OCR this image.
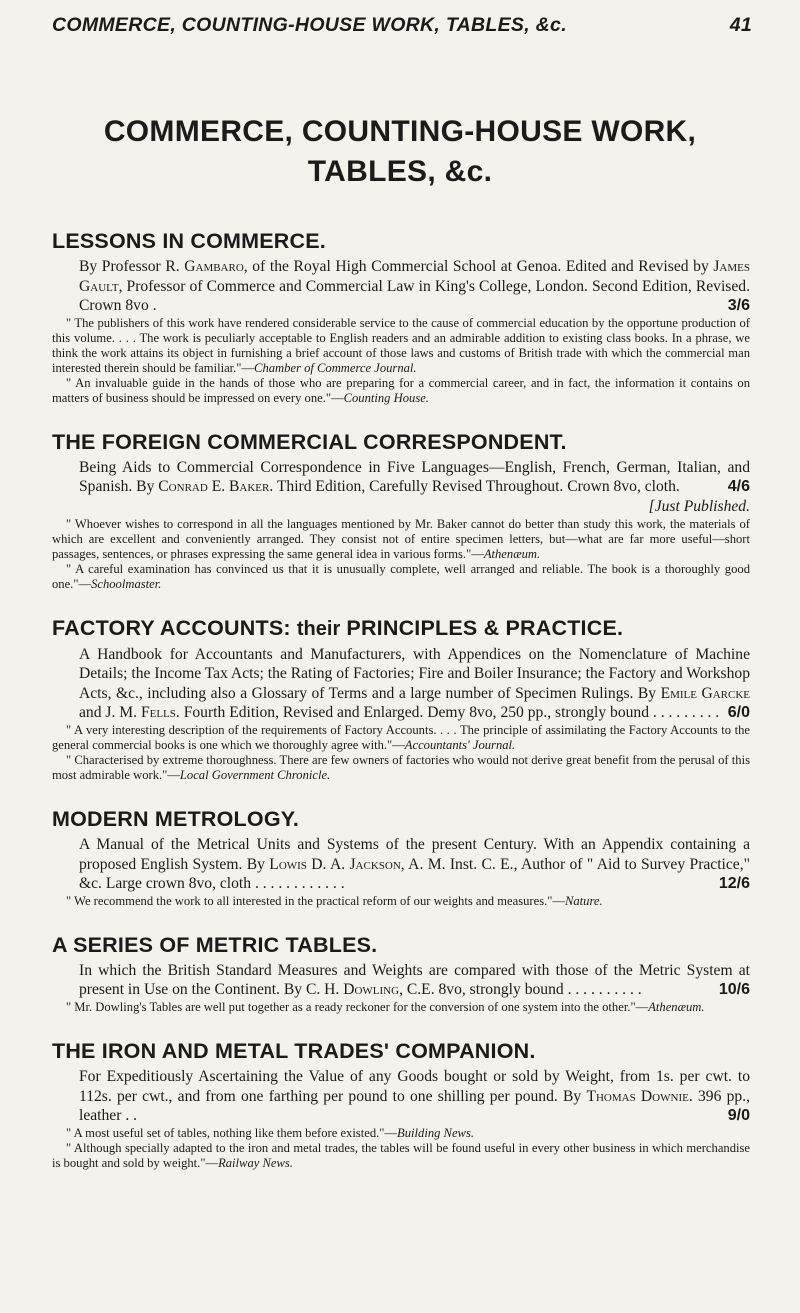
COMMERCE, COUNTING-HOUSE WORK, TABLES, &c.	41
COMMERCE, COUNTING-HOUSE WORK,
TABLES, &c.
LESSONS IN COMMERCE.
By Professor R. Gambaro, of the Royal High Commercial School at Genoa. Edited and Revised by James Gault, Professor of Commerce and Commercial Law in King's College, London. Second Edition, Revised. Crown 8vo .	3/6

" The publishers of this work have rendered considerable service to the cause of commercial education by the opportune production of this volume. . . . The work is peculiarly acceptable to English readers and an admirable addition to existing class books. In a phrase, we think the work attains its object in furnishing a brief account of those laws and customs of British trade with which the commercial man interested therein should be familiar."—Chamber of Commerce Journal.

" An invaluable guide in the hands of those who are preparing for a commercial career, and in fact, the information it contains on matters of business should be impressed on every one."—Counting House.

THE FOREIGN COMMERCIAL CORRESPONDENT.
Being Aids to Commercial Correspondence in Five Languages—English, French, German, Italian, and Spanish. By Conrad E. Baker. Third Edition, Carefully Revised Throughout. Crown 8vo, cloth.	4/6
[Just Published.

" Whoever wishes to correspond in all the languages mentioned by Mr. Baker cannot do better than study this work, the materials of which are excellent and conveniently arranged. They consist not of entire specimen letters, but—what are far more useful—short passages, sentences, or phrases expressing the same general idea in various forms."—Athenæum.

" A careful examination has convinced us that it is unusually complete, well arranged and reliable. The book is a thoroughly good one."—Schoolmaster.

FACTORY ACCOUNTS: their PRINCIPLES & PRACTICE.
A Handbook for Accountants and Manufacturers, with Appendices on the Nomenclature of Machine Details; the Income Tax Acts; the Rating of Factories; Fire and Boiler Insurance; the Factory and Workshop Acts, &c., including also a Glossary of Terms and a large number of Specimen Rulings. By Emile Garcke and J. M. Fells. Fourth Edition, Revised and Enlarged. Demy 8vo, 250 pp., strongly bound . . . . . . . . . 6/0

" A very interesting description of the requirements of Factory Accounts. . . . The principle of assimilating the Factory Accounts to the general commercial books is one which we thoroughly agree with."—Accountants' Journal.

" Characterised by extreme thoroughness. There are few owners of factories who would not derive great benefit from the perusal of this most admirable work."—Local Government Chronicle.

MODERN METROLOGY.
A Manual of the Metrical Units and Systems of the present Century. With an Appendix containing a proposed English System. By Lowis D. A. Jackson, A. M. Inst. C. E., Author of " Aid to Survey Practice," &c. Large crown 8vo, cloth . . . . . . . . . . . .	12/6

" We recommend the work to all interested in the practical reform of our weights and measures."—Nature.

A SERIES OF METRIC TABLES.
In which the British Standard Measures and Weights are compared with those of the Metric System at present in Use on the Continent. By C. H. Dowling, C.E. 8vo, strongly bound . . . . . . . . . .	10/6

" Mr. Dowling's Tables are well put together as a ready reckoner for the conversion of one system into the other."—Athenæum.

THE IRON AND METAL TRADES' COMPANION.
For Expeditiously Ascertaining the Value of any Goods bought or sold by Weight, from 1s. per cwt. to 112s. per cwt., and from one farthing per pound to one shilling per pound. By Thomas Downie. 396 pp., leather . .	9/0

" A most useful set of tables, nothing like them before existed."—Building News.

" Although specially adapted to the iron and metal trades, the tables will be found useful in every other business in which merchandise is bought and sold by weight."—Railway News.
